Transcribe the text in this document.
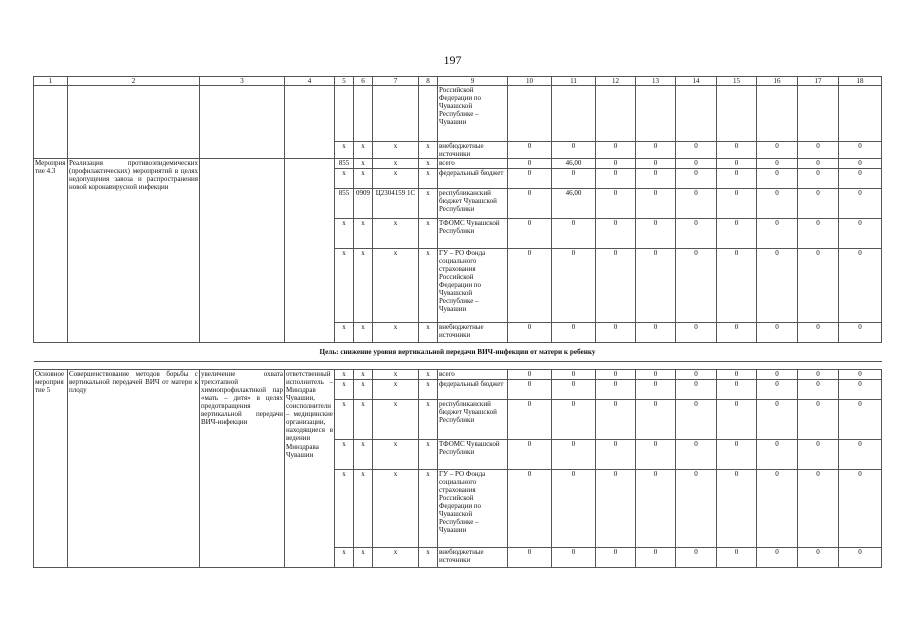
197
1	2	3	4	5	6	7	8	9	10	11	12	13	14	15	16	17	18
								Российской Федерации по Чувашской Республике – Чувашии									
				x	x	x	x	внебюджетные источники	0	0	0	0	0	0	0	0	0
Мероприятие 4.3	Реализация противоэпидемических (профилактических) мероприятий в целях недопущения завоза и распространения новой коронавирусной инфекции			855	x	x	x	всего	0	46,00	0	0	0	0	0	0	0
				x	x	x	x	федеральный бюджет	0	0	0	0	0	0	0	0	0
				855	0909	Ц2304159 1С	x	республиканский бюджет Чувашской Республики	0	46,00	0	0	0	0	0	0	0
				x	x	x	x	ТФОМС Чувашской Республики	0	0	0	0	0	0	0	0	0
				x	x	x	x	ГУ – РО Фонда социального страхования Российской Федерации по Чувашской Республике – Чувашии	0	0	0	0	0	0	0	0	0
				x	x	x	x	внебюджетные источники	0	0	0	0	0	0	0	0	0
Цель: снижение уровня вертикальной передачи ВИЧ-инфекции от матери к ребенку																	

Основное мероприятие 5	Совершенствование методов борьбы с вертикальной передачей ВИЧ от матери к плоду	увеличение охвата трехэтапной химиопрофилактикой пар «мать – дитя» в целях предотвращения вертикальной передачи ВИЧ-инфекции	ответственный исполнитель – Минздрав Чувашии, соисполнители – медицинские организации, находящиеся в ведении Минздрава Чувашии	x	x	x	x	всего	0	0	0	0	0	0	0	0	0
				x	x	x	x	федеральный бюджет	0	0	0	0	0	0	0	0	0
				x	x	x	x	республиканский бюджет Чувашской Республики	0	0	0	0	0	0	0	0	0
				x	x	x	x	ТФОМС Чувашской Республики	0	0	0	0	0	0	0	0	0
				x	x	x	x	ГУ – РО Фонда социального страхования Российской Федерации по Чувашской Республике – Чувашии	0	0	0	0	0	0	0	0	0
				x	x	x	x	внебюджетные источники	0	0	0	0	0	0	0	0	0
